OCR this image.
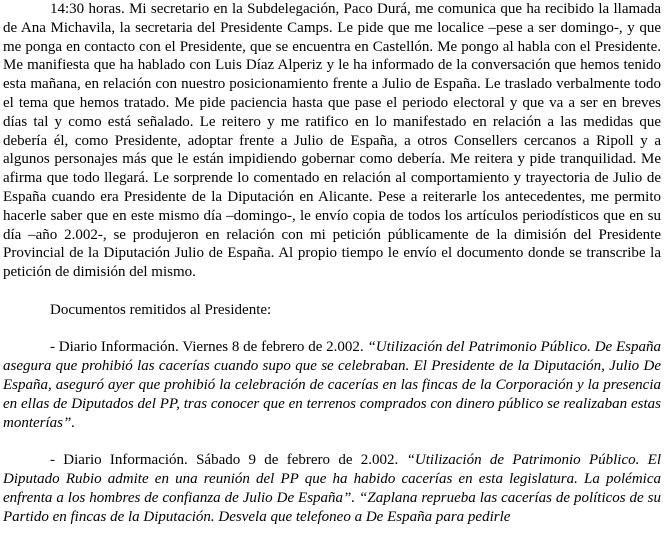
14:30 horas. Mi secretario en la Subdelegación, Paco Durá, me comunica que ha recibido la llamada de Ana Michavila, la secretaria del Presidente Camps. Le pide que me localice –pese a ser domingo-, y que me ponga en contacto con el Presidente, que se encuentra en Castellón. Me pongo al habla con el Presidente. Me manifiesta que ha hablado con Luis Díaz Alperiz y le ha informado de la conversación que hemos tenido esta mañana, en relación con nuestro posicionamiento frente a Julio de España. Le traslado verbalmente todo el tema que hemos tratado. Me pide paciencia hasta que pase el periodo electoral y que va a ser en breves días tal y como está señalado. Le reitero y me ratifico en lo manifestado en relación a las medidas que debería él, como Presidente, adoptar frente a Julio de España, a otros Consellers cercanos a Ripoll y a algunos personajes más que le están impidiendo gobernar como debería. Me reitera y pide tranquilidad. Me afirma que todo llegará. Le sorprende lo comentado en relación al comportamiento y trayectoria de Julio de España cuando era Presidente de la Diputación en Alicante. Pese a reiterarle los antecedentes, me permito hacerle saber que en este mismo día –domingo-, le envío copia de todos los artículos periodísticos que en su día –año 2.002-, se produjeron en relación con mi petición públicamente de la dimisión del Presidente Provincial de la Diputación Julio de España. Al propio tiempo le envío el documento donde se transcribe la petición de dimisión del mismo.

Documentos remitidos al Presidente:

- Diario Información. Viernes 8 de febrero de 2.002. “Utilización del Patrimonio Público. De España asegura que prohibió las cacerías cuando supo que se celebraban. El Presidente de la Diputación, Julio De España, aseguró ayer que prohibió la celebración de cacerías en las fincas de la Corporación y la presencia en ellas de Diputados del PP, tras conocer que en terrenos comprados con dinero público se realizaban estas monterías”.

- Diario Información. Sábado 9 de febrero de 2.002. “Utilización de Patrimonio Público. El Diputado Rubio admite en una reunión del PP que ha habido cacerías en esta legislatura. La polémica enfrenta a los hombres de confianza de Julio De España”. “Zaplana reprueba las cacerías de políticos de su Partido en fincas de la Diputación. Desvela que telefoneo a De España para pedirle
